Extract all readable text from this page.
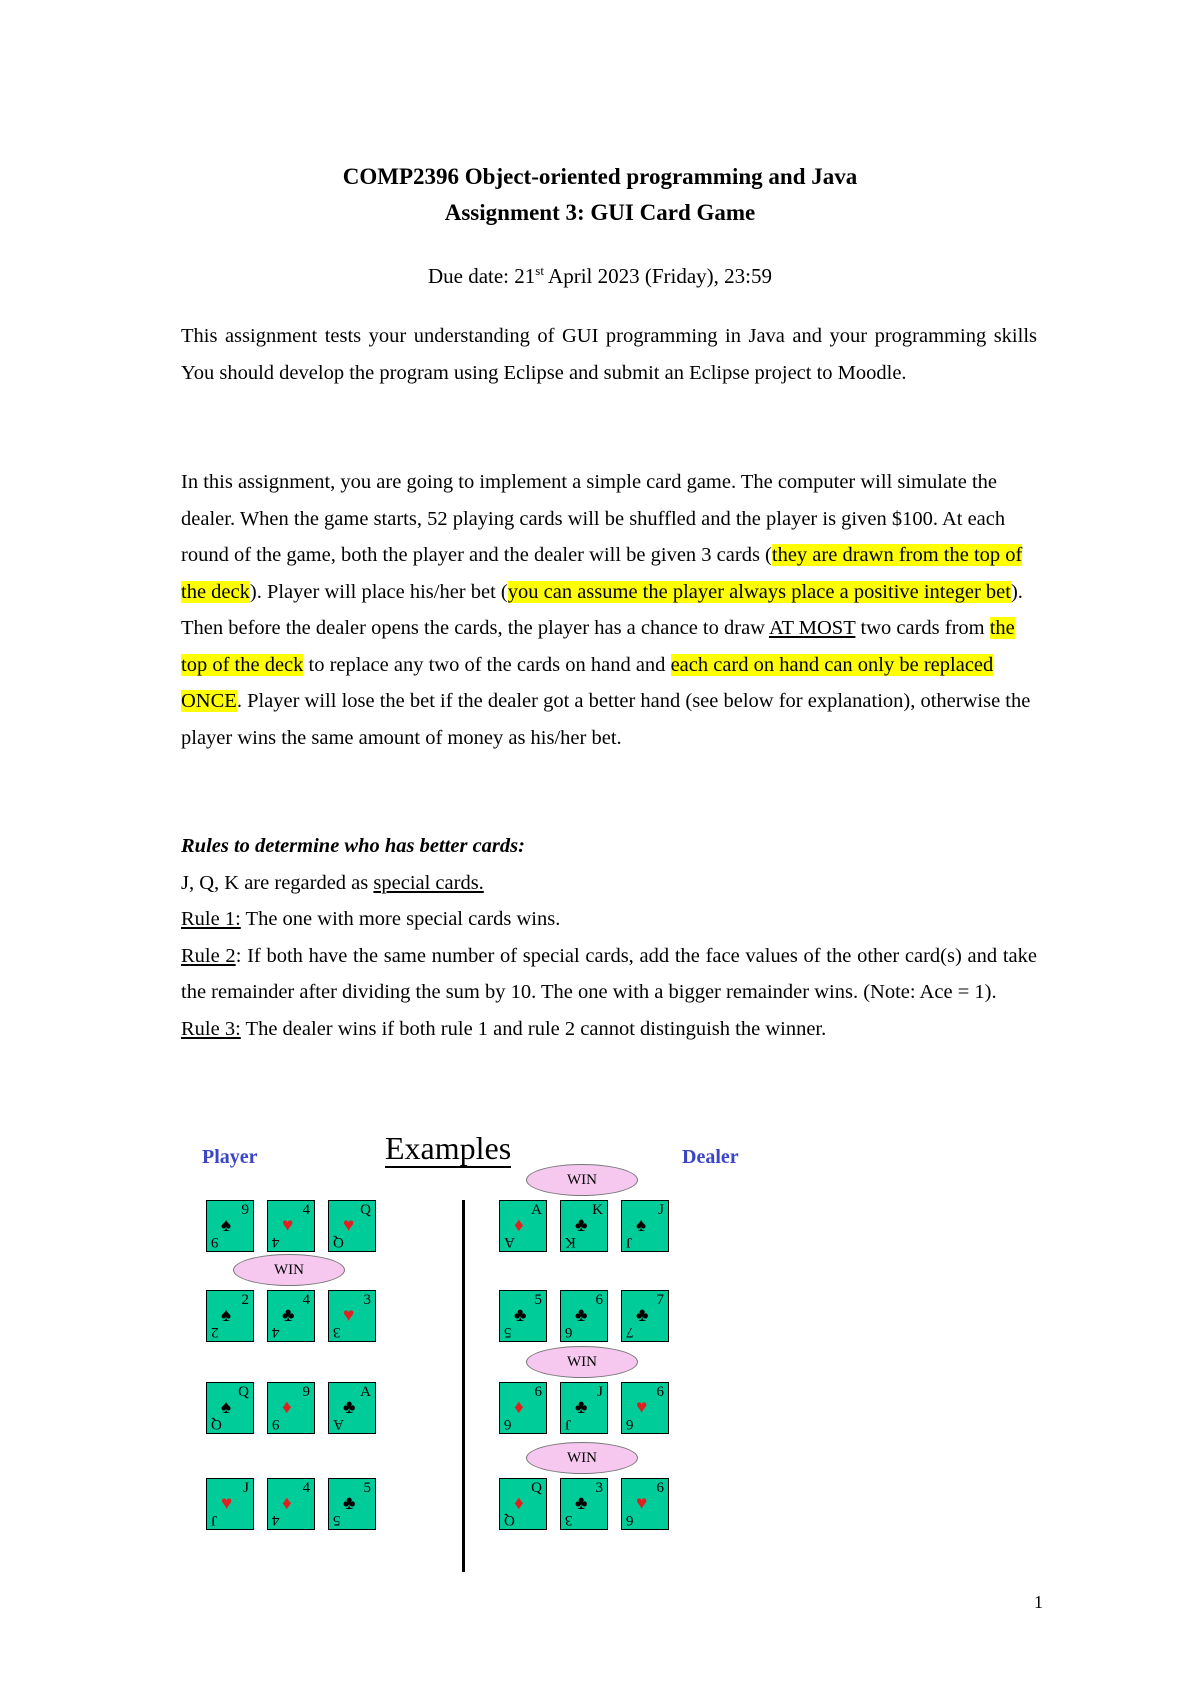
COMP2396 Object-oriented programming and Java
Assignment 3: GUI Card Game
Due date: 21st April 2023 (Friday), 23:59
This assignment tests your understanding of GUI programming in Java and your programming skills You should develop the program using Eclipse and submit an Eclipse project to Moodle.
In this assignment, you are going to implement a simple card game. The computer will simulate the dealer. When the game starts, 52 playing cards will be shuffled and the player is given $100. At each round of the game, both the player and the dealer will be given 3 cards (they are drawn from the top of the deck). Player will place his/her bet (you can assume the player always place a positive integer bet). Then before the dealer opens the cards, the player has a chance to draw AT MOST two cards from the top of the deck to replace any two of the cards on hand and each card on hand can only be replaced ONCE. Player will lose the bet if the dealer got a better hand (see below for explanation), otherwise the player wins the same amount of money as his/her bet.
Rules to determine who has better cards:
J, Q, K are regarded as special cards.
Rule 1: The one with more special cards wins.
Rule 2: If both have the same number of special cards, add the face values of the other card(s) and take the remainder after dividing the sum by 10. The one with a bigger remainder wins. (Note: Ace = 1).
Rule 3: The dealer wins if both rule 1 and rule 2 cannot distinguish the winner.
Player	Examples	Dealer
9
♠
9
4
♥
4
Q
♥
Q
2
♠
2
4
♣
4
3
♥
3
Q
♠
Q
9
♦
9
A
♣
A
J
♥
J
4
♦
4
5
♣
5
A
♦
A
K
♣
K
J
♠
J
5
♣
5
6
♣
6
7
♣
7
6
♦
6
J
♣
J
6
♥
6
Q
♦
Q
3
♣
3
6
♥
6
WIN
WIN
WIN
WIN
1
